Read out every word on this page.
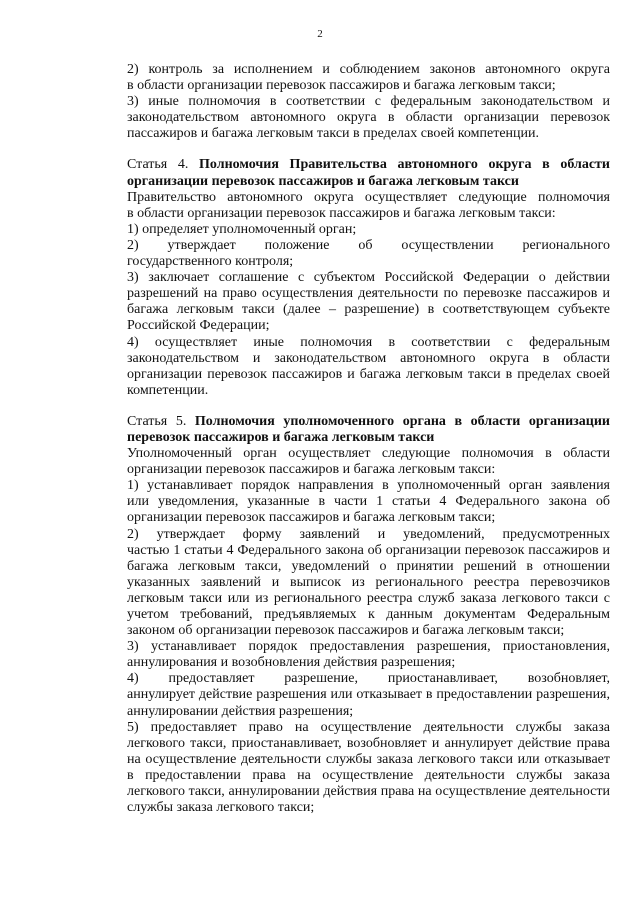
2

2) контроль за исполнением и соблюдением законов автономного округа
в области организации перевозок пассажиров и багажа легковым такси;

3) иные полномочия в соответствии с федеральным законодательством и
законодательством автономного округа в области организации перевозок
пассажиров и багажа легковым такси в пределах своей компетенции.

Статья 4. Полномочия Правительства автономного округа в области
организации перевозок пассажиров и багажа легковым такси

Правительство автономного округа осуществляет следующие полномочия
в области организации перевозок пассажиров и багажа легковым такси:

1) определяет уполномоченный орган;

2) утверждает положение об осуществлении регионального
государственного контроля;

3) заключает соглашение с субъектом Российской Федерации о действии
разрешений на право осуществления деятельности по перевозке пассажиров и
багажа легковым такси (далее – разрешение) в соответствующем субъекте
Российской Федерации;

4) осуществляет иные полномочия в соответствии с федеральным
законодательством и законодательством автономного округа в области
организации перевозок пассажиров и багажа легковым такси в пределах своей
компетенции.

Статья 5. Полномочия уполномоченного органа в области организации
перевозок пассажиров и багажа легковым такси

Уполномоченный орган осуществляет следующие полномочия в области
организации перевозок пассажиров и багажа легковым такси:

1) устанавливает порядок направления в уполномоченный орган заявления
или уведомления, указанные в части 1 статьи 4 Федерального закона об
организации перевозок пассажиров и багажа легковым такси;

2) утверждает форму заявлений и уведомлений, предусмотренных
частью 1 статьи 4 Федерального закона об организации перевозок пассажиров и
багажа легковым такси, уведомлений о принятии решений в отношении
указанных заявлений и выписок из регионального реестра перевозчиков
легковым такси или из регионального реестра служб заказа легкового такси с
учетом требований, предъявляемых к данным документам Федеральным
законом об организации перевозок пассажиров и багажа легковым такси;

3) устанавливает порядок предоставления разрешения, приостановления,
аннулирования и возобновления действия разрешения;

4) предоставляет разрешение, приостанавливает, возобновляет,
аннулирует действие разрешения или отказывает в предоставлении разрешения,
аннулировании действия разрешения;

5) предоставляет право на осуществление деятельности службы заказа
легкового такси, приостанавливает, возобновляет и аннулирует действие права
на осуществление деятельности службы заказа легкового такси или отказывает
в предоставлении права на осуществление деятельности службы заказа
легкового такси, аннулировании действия права на осуществление деятельности
службы заказа легкового такси;
